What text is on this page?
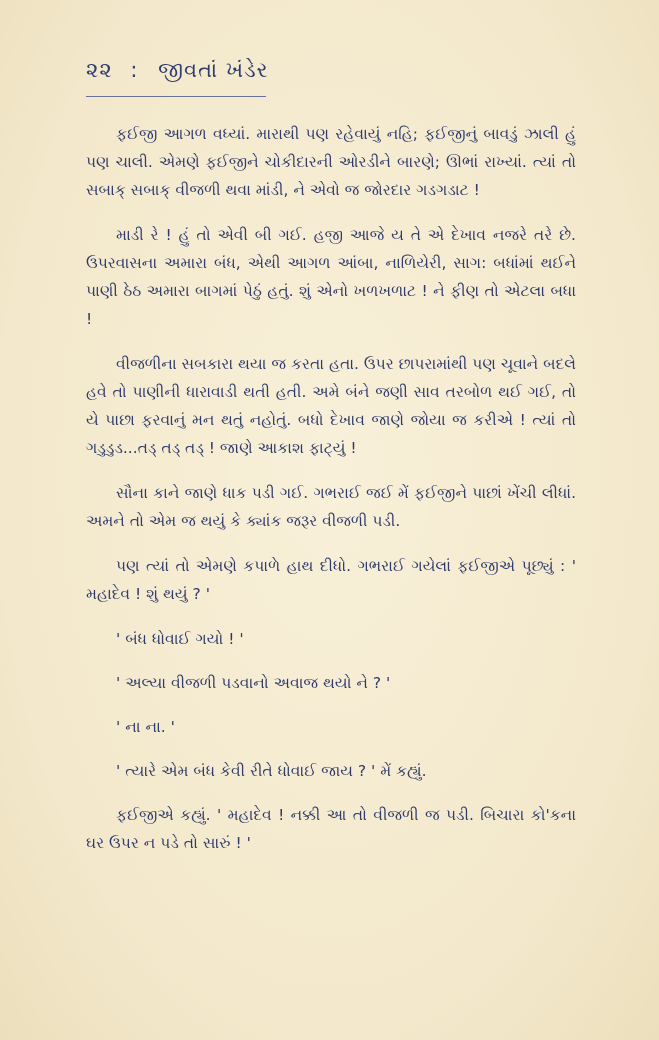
૨૨ : જીવતાં ખંડેર

ફઈજી આગળ વધ્યાં. મારાથી પણ રહેવાયું નહિ; ફઈજીનું બાવડું ઝાલી હું પણ ચાલી. એમણે ફઈજીને ચોકીદારની ઓરડીને બારણે; ઊભાં રાખ્યાં. ત્યાં તો સબાક્ સબાક્ વીજળી થવા માંડી, ને એવો જ જોરદાર ગડગડાટ !

માડી રે ! હું તો એવી બી ગઈ. હજી આજે ય તે એ દેખાવ નજરે તરે છે. ઉપરવાસના અમારા બંધ, એથી આગળ આંબા, નાળિયેરી, સાગ: બધાંમાં થઈને પાણી ઠેઠ અમારા બાગમાં પેઠું હતું. શું એનો ખળખળાટ ! ને ફીણ તો એટલા બધા !

વીજળીના સબકારા થયા જ કરતા હતા. ઉપર છાપરામાંથી પણ ચૂવાને બદલે હવે તો પાણીની ધારાવાડી થતી હતી. અમે બંને જણી સાવ તરબોળ થઈ ગઈ, તો યે પાછા ફરવાનું મન થતું નહોતું. બધો દેખાવ જાણે જોયા જ કરીએ ! ત્યાં તો ગડુડુડ...તડ્ તડ્ તડ્ ! જાણે આકાશ ફાટ્યું !

સૌના કાને જાણે ધાક પડી ગઈ. ગભરાઈ જઈ મેં ફઈજીને પાછાં ખેંચી લીધાં. અમને તો એમ જ થયું કે ક્યાંક જરૂર વીજળી પડી.

પણ ત્યાં તો એમણે કપાળે હાથ દીધો. ગભરાઈ ગયેલાં ફઈજીએ પૂછ્યું : ' મહાદેવ ! શું થયું ? '

' બંધ ધોવાઈ ગયો ! '

' અલ્યા વીજળી પડવાનો અવાજ થયો ને ? '

' ના ના. '

' ત્યારે એમ બંધ કેવી રીતે ધોવાઈ જાય ? ' મેં કહ્યું.

ફઈજીએ કહ્યું. ' મહાદેવ ! નક્કી આ તો વીજળી જ પડી. બિચારા કો'કના ઘર ઉપર ન પડે તો સારું ! '
